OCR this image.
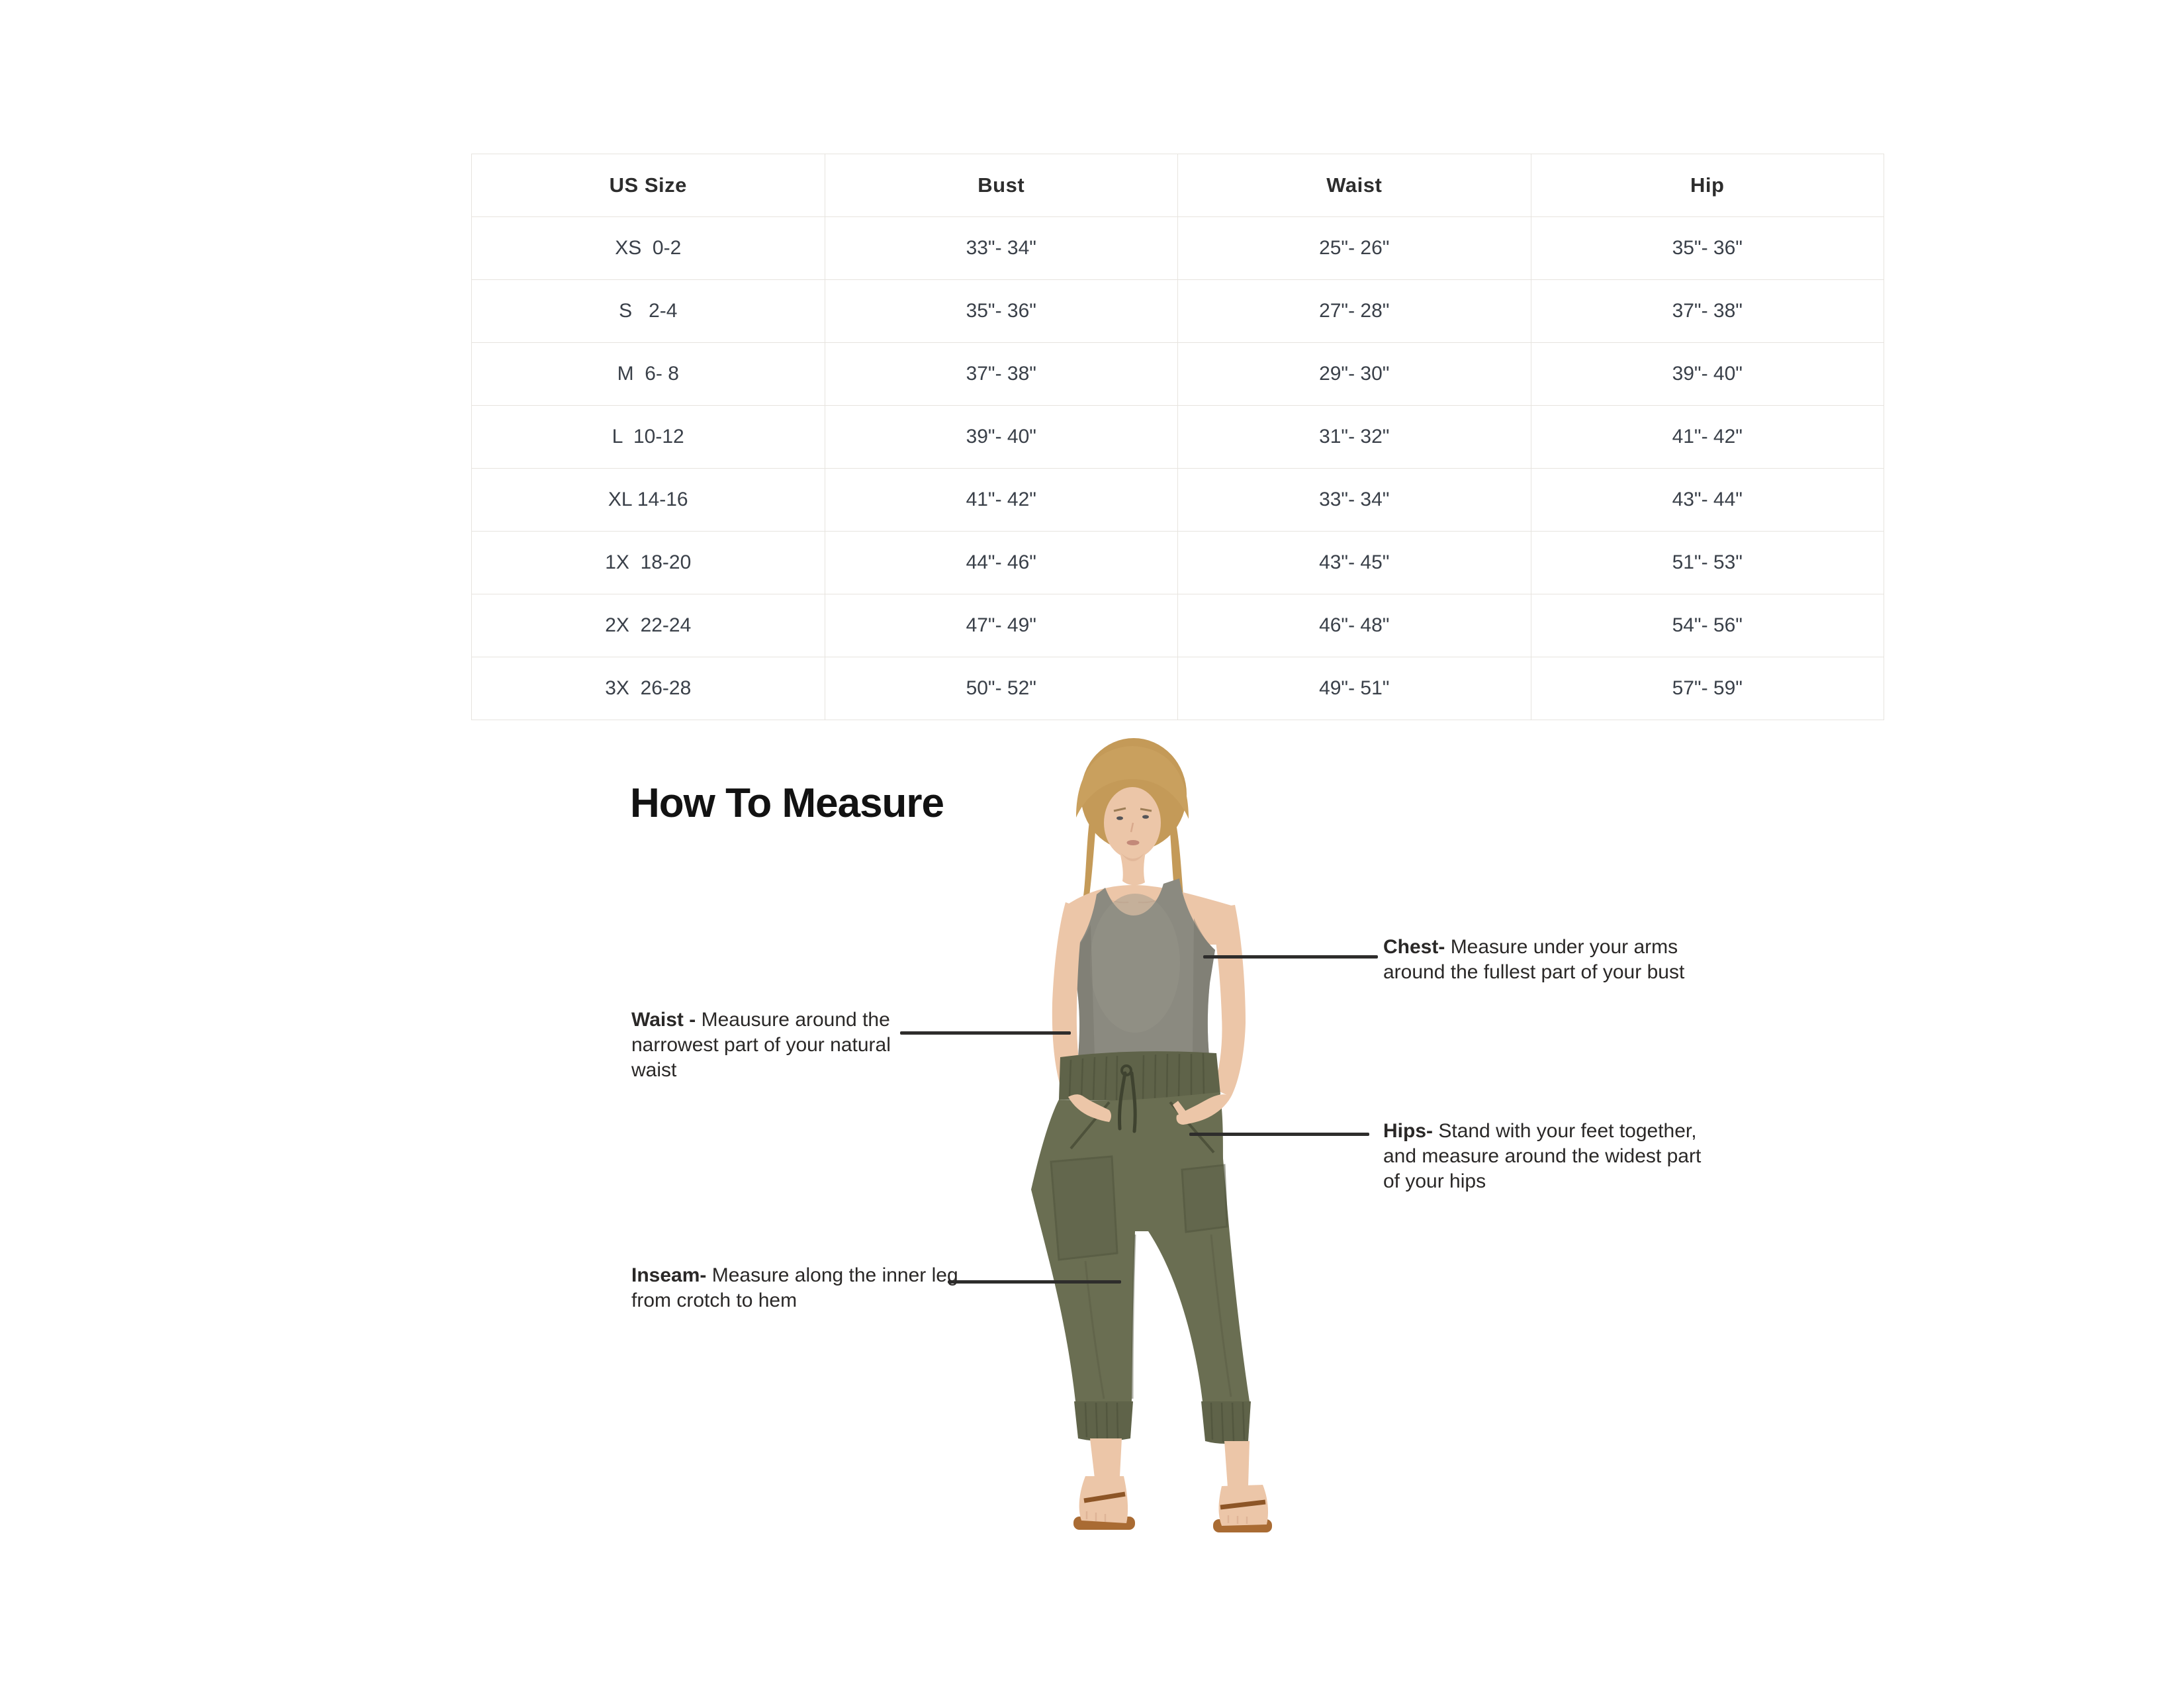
US Size	Bust	Waist	Hip
XS  0-2	33"- 34"	25"- 26"	35"- 36"
S   2-4	35"- 36"	27"- 28"	37"- 38"
M  6- 8	37"- 38"	29"- 30"	39"- 40"
L  10-12	39"- 40"	31"- 32"	41"- 42"
XL 14-16	41"- 42"	33"- 34"	43"- 44"
1X  18-20	44"- 46"	43"- 45"	51"- 53"
2X  22-24	47"- 49"	46"- 48"	54"- 56"
3X  26-28	50"- 52"	49"- 51"	57"- 59"
How To Measure
Chest- Measure under your arms around the fullest part of your bust
Waist - Meausure around the narrowest part of your natural waist
Hips- Stand with your feet together, and measure around the widest part of your hips
Inseam- Measure along the inner leg from crotch to hem
